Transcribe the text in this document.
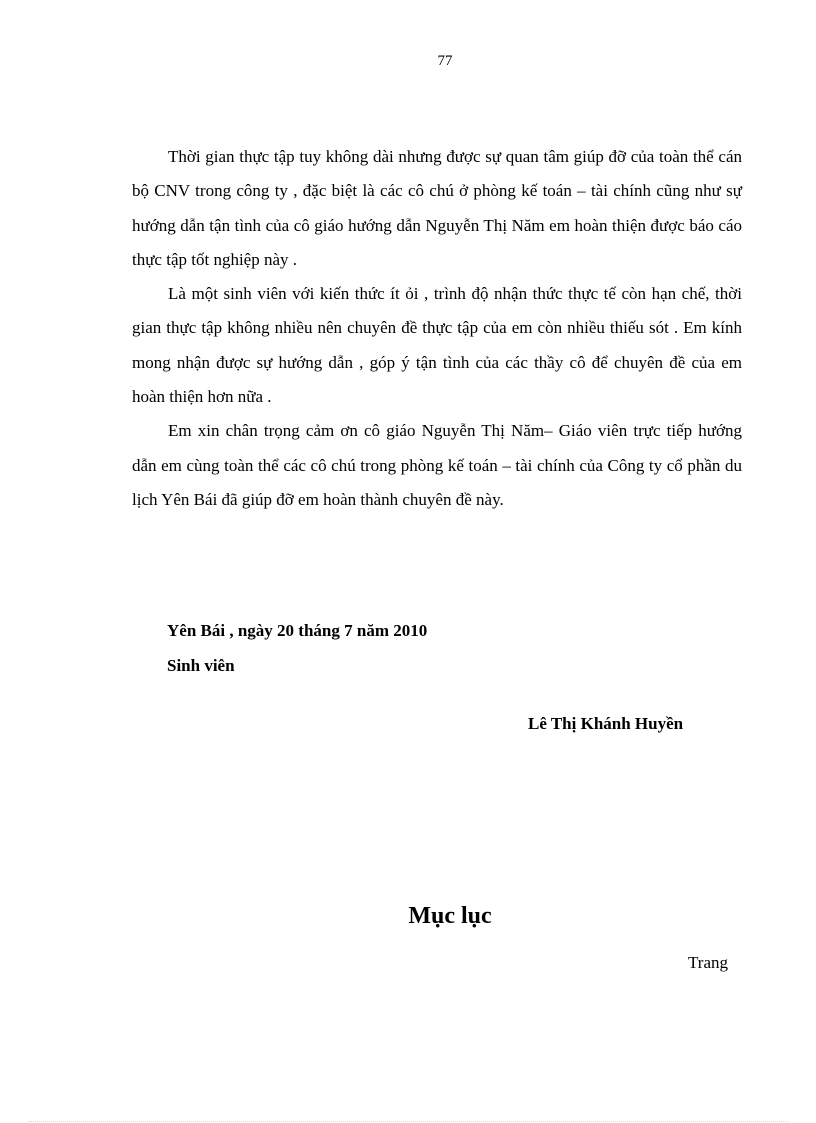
77

Thời gian thực tập tuy không dài nhưng được sự quan tâm giúp đỡ của toàn thể cán bộ CNV trong công ty , đặc biệt là các cô chú ở phòng kế toán – tài chính cũng như sự hướng dẫn tận tình của cô giáo hướng dẫn Nguyễn Thị Năm em hoàn thiện được báo cáo thực tập tốt nghiệp này .

Là một sinh viên với kiến thức ít ỏi , trình độ nhận thức thực tế còn hạn chế, thời gian thực tập không nhiều nên chuyên đề thực tập của em còn nhiều thiếu sót . Em kính mong nhận được sự hướng dẫn , góp ý tận tình của các thầy cô để chuyên đề của em hoàn thiện hơn nữa .

Em xin chân trọng cảm ơn cô giáo Nguyễn Thị Năm– Giáo viên trực tiếp hướng dẫn em cùng toàn thể các cô chú trong phòng kế toán – tài chính của Công ty cổ phần du lịch Yên Bái đã giúp đỡ em hoàn thành chuyên đề này.

Yên Bái , ngày 20 tháng 7 năm 2010
Sinh viên
Lê Thị Khánh Huyền
Mục lục
Trang
